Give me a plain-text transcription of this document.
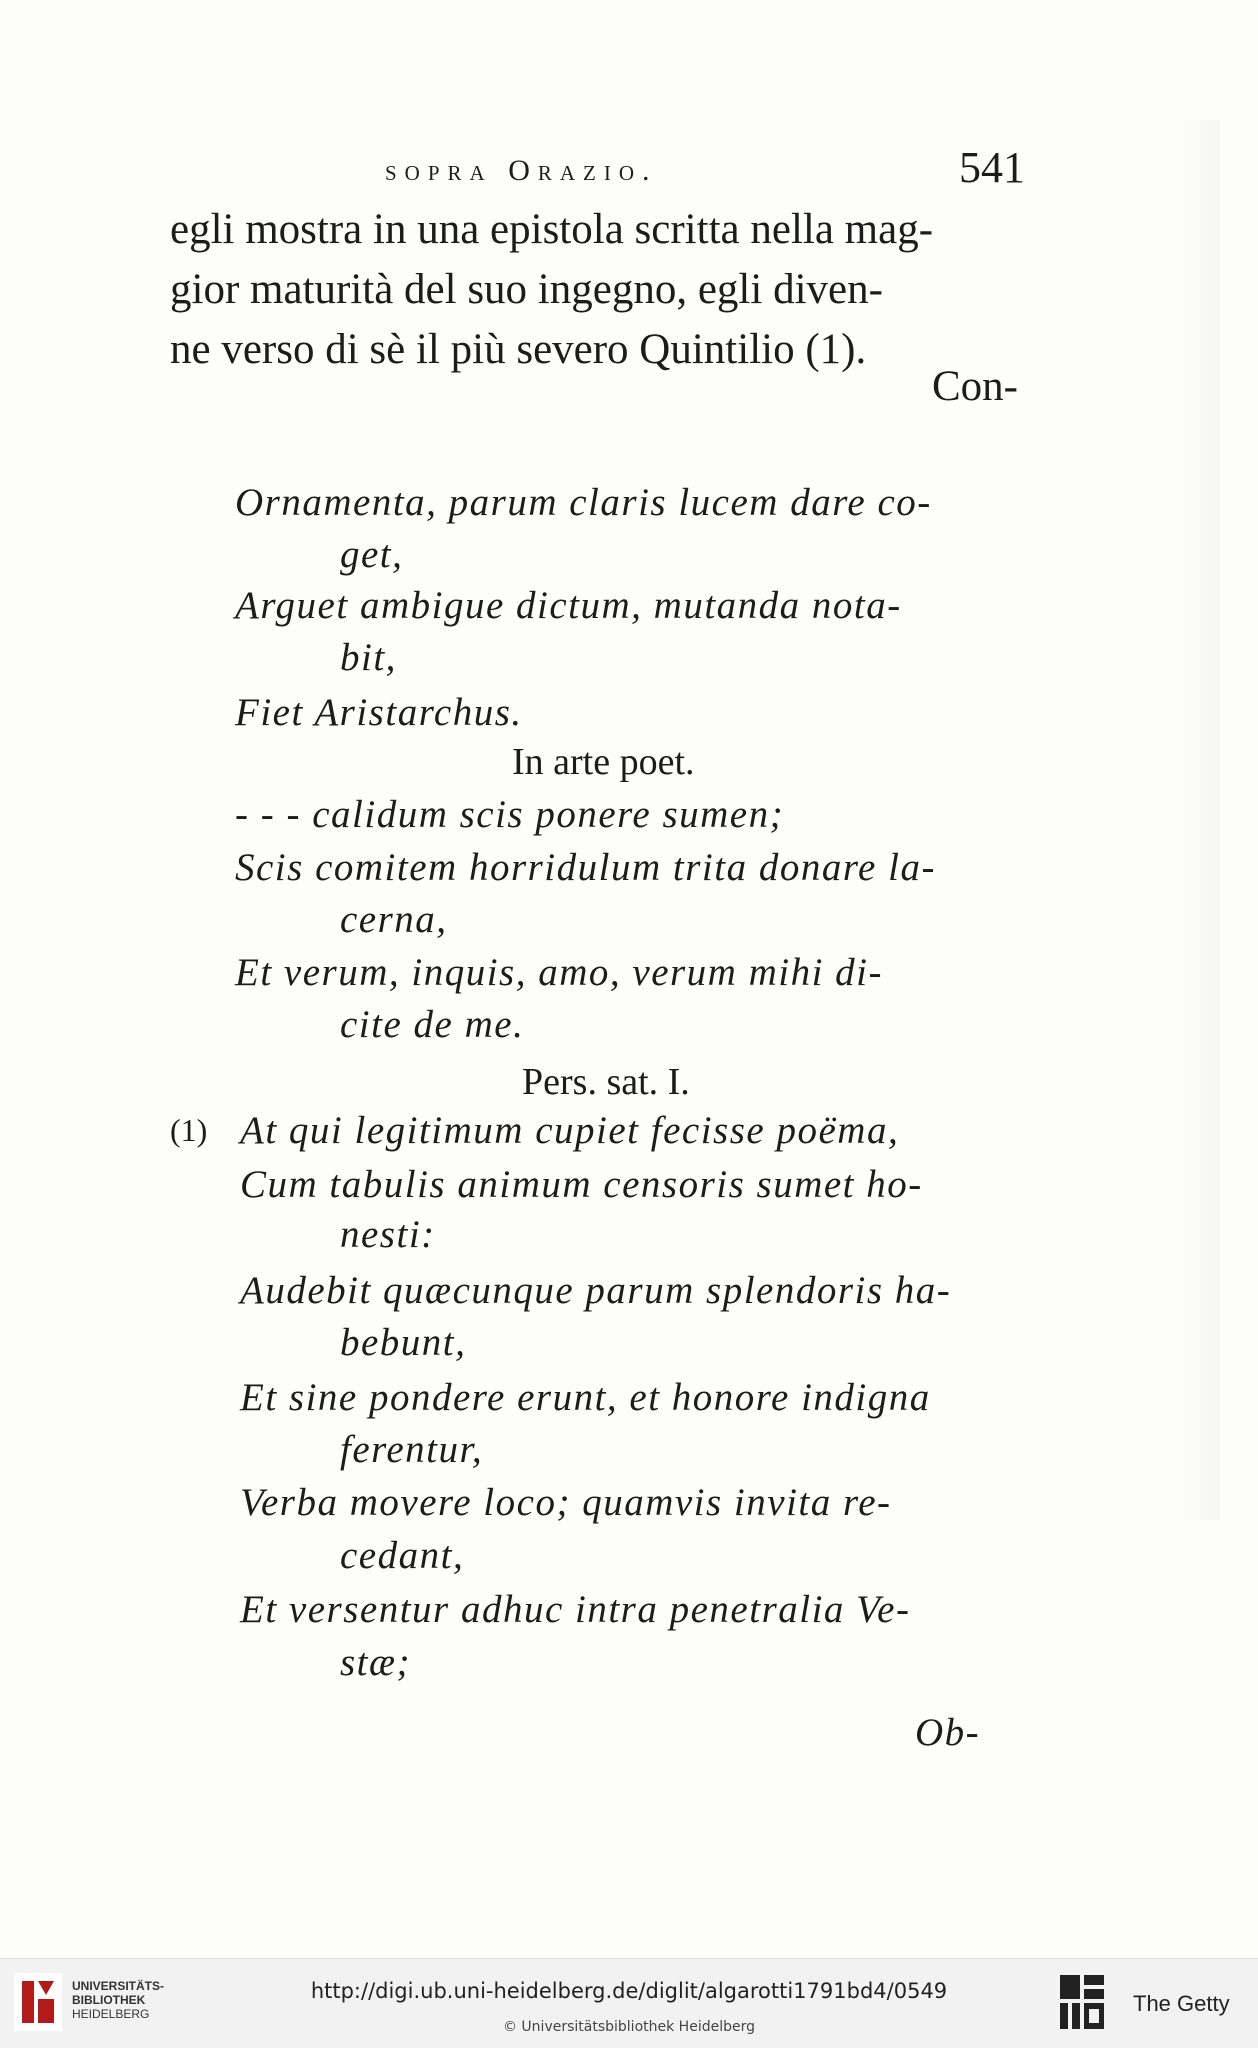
sopra Orazio.	541
egli mostra in una epistola scritta nella mag-
gior maturità del suo ingegno, egli diven-
ne verso di sè il più severo Quintilio (1).
Con-
Ornamenta, parum claris lucem dare co-
get,
Arguet ambigue dictum, mutanda nota-
bit,
Fiet Aristarchus.
In arte poet.
- - - calidum scis ponere sumen;
Scis comitem horridulum trita donare la-
cerna,
Et verum, inquis, amo, verum mihi di-
cite de me.
Pers. sat. I.
(1) At qui legitimum cupiet fecisse poëma,
Cum tabulis animum censoris sumet ho-
nesti:
Audebit quæcunque parum splendoris ha-
bebunt,
Et sine pondere erunt, et honore indigna
ferentur,
Verba movere loco; quamvis invita re-
cedant,
Et versentur adhuc intra penetralia Ve-
stæ;
Ob-
UNIVERSITÄTS-
BIBLIOTHEK
HEIDELBERG
http://digi.ub.uni-heidelberg.de/diglit/algarotti1791bd4/0549
© Universitätsbibliothek Heidelberg
The Getty
